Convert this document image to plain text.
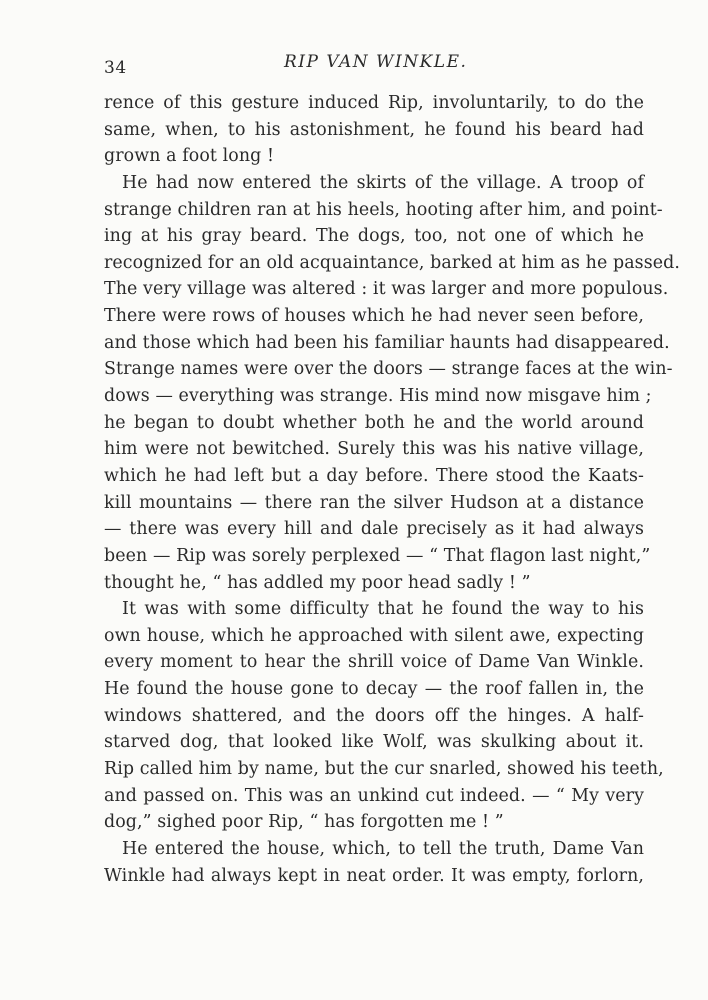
34	RIP VAN WINKLE.
rence of this gesture induced Rip, involuntarily, to do the
same, when, to his astonishment, he found his beard had
grown a foot long !
He had now entered the skirts of the village. A troop of
strange children ran at his heels, hooting after him, and point-
ing at his gray beard. The dogs, too, not one of which he
recognized for an old acquaintance, barked at him as he passed.
The very village was altered : it was larger and more populous.
There were rows of houses which he had never seen before,
and those which had been his familiar haunts had disappeared.
Strange names were over the doors — strange faces at the win-
dows — everything was strange. His mind now misgave him ;
he began to doubt whether both he and the world around
him were not bewitched. Surely this was his native village,
which he had left but a day before. There stood the Kaats-
kill mountains — there ran the silver Hudson at a distance
— there was every hill and dale precisely as it had always
been — Rip was sorely perplexed — “ That flagon last night,”
thought he, “ has addled my poor head sadly ! ”
It was with some difficulty that he found the way to his
own house, which he approached with silent awe, expecting
every moment to hear the shrill voice of Dame Van Winkle.
He found the house gone to decay — the roof fallen in, the
windows shattered, and the doors off the hinges. A half-
starved dog, that looked like Wolf, was skulking about it.
Rip called him by name, but the cur snarled, showed his teeth,
and passed on. This was an unkind cut indeed. — “ My very
dog,” sighed poor Rip, “ has forgotten me ! ”
He entered the house, which, to tell the truth, Dame Van
Winkle had always kept in neat order. It was empty, forlorn,
